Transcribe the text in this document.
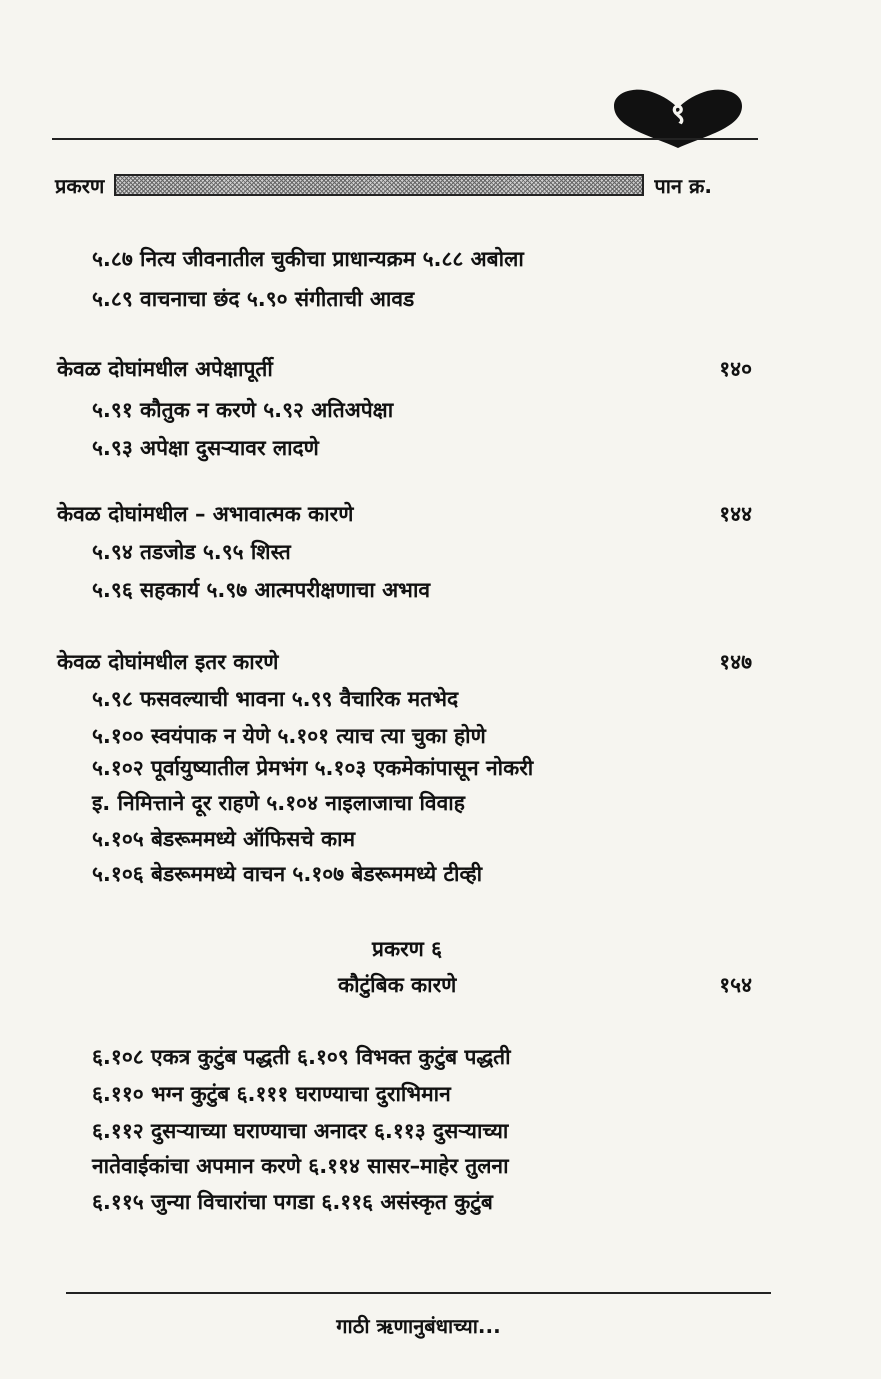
९
प्रकरण	पान क्र.
५.८७ नित्य जीवनातील चुकीचा प्राधान्यक्रम ५.८८ अबोला
५.८९ वाचनाचा छंद ५.९० संगीताची आवड
केवळ दोघांमधील अपेक्षापूर्ती	१४०
५.९१ कौतुक न करणे ५.९२ अतिअपेक्षा
५.९३ अपेक्षा दुसऱ्यावर लादणे
केवळ दोघांमधील – अभावात्मक कारणे	१४४
५.९४ तडजोड ५.९५ शिस्त
५.९६ सहकार्य ५.९७ आत्मपरीक्षणाचा अभाव
केवळ दोघांमधील इतर कारणे	१४७
५.९८ फसवल्याची भावना ५.९९ वैचारिक मतभेद
५.१०० स्वयंपाक न येणे ५.१०१ त्याच त्या चुका होणे
५.१०२ पूर्वायुष्यातील प्रेमभंग ५.१०३ एकमेकांपासून नोकरी
इ. निमित्ताने दूर राहणे ५.१०४ नाइलाजाचा विवाह
५.१०५ बेडरूममध्ये ऑफिसचे काम
५.१०६ बेडरूममध्ये वाचन ५.१०७ बेडरूममध्ये टीव्ही
प्रकरण ६
कौटुंबिक कारणे	१५४
६.१०८ एकत्र कुटुंब पद्धती ६.१०९ विभक्त कुटुंब पद्धती
६.११० भग्न कुटुंब ६.१११ घराण्याचा दुराभिमान
६.११२ दुसऱ्याच्या घराण्याचा अनादर ६.११३ दुसऱ्याच्या
नातेवाईकांचा अपमान करणे ६.११४ सासर–माहेर तुलना
६.११५ जुन्या विचारांचा पगडा ६.११६ असंस्कृत कुटुंब
गाठी ऋणानुबंधाच्या...
